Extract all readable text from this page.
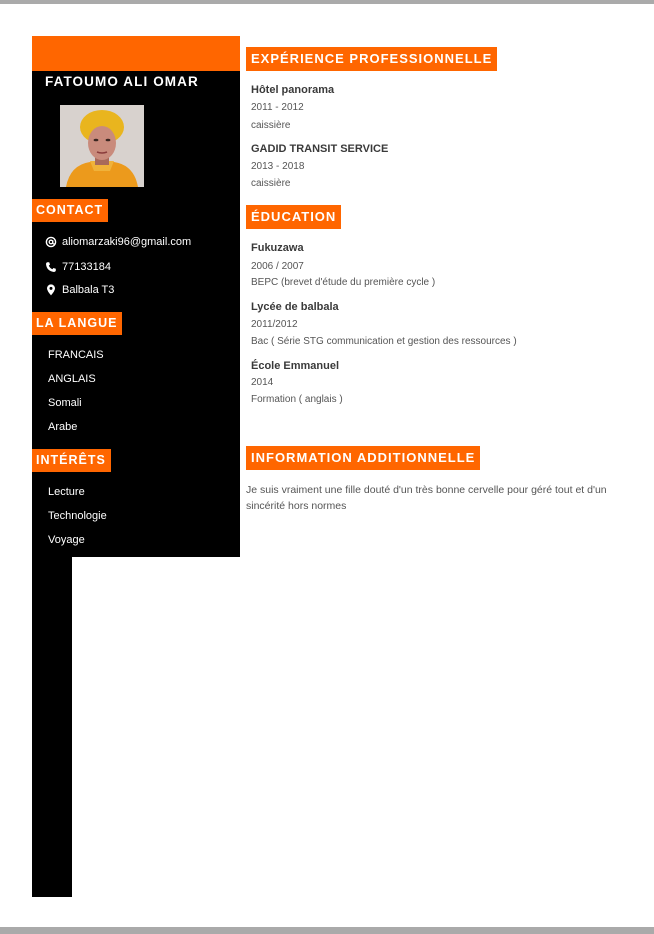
FATOUMO ALI OMAR
CONTACT
aliomarzaki96@gmail.com
77133184
Balbala T3
LA LANGUE
FRANCAIS
ANGLAIS
Somali
Arabe
INTÉRÊTS
Lecture
Technologie
Voyage
EXPÉRIENCE PROFESSIONNELLE
Hôtel panorama
2011 - 2012
caissière
GADID TRANSIT SERVICE
2013 - 2018
caissière
ÉDUCATION
Fukuzawa
2006 / 2007
BEPC (brevet d'étude du première cycle )
Lycée de balbala
2011/2012
Bac ( Série STG communication et gestion des ressources )
École Emmanuel
2014
Formation ( anglais )
INFORMATION ADDITIONNELLE
Je suis vraiment une fille douté d'un très bonne cervelle pour géré tout et d'un sincérité hors normes
